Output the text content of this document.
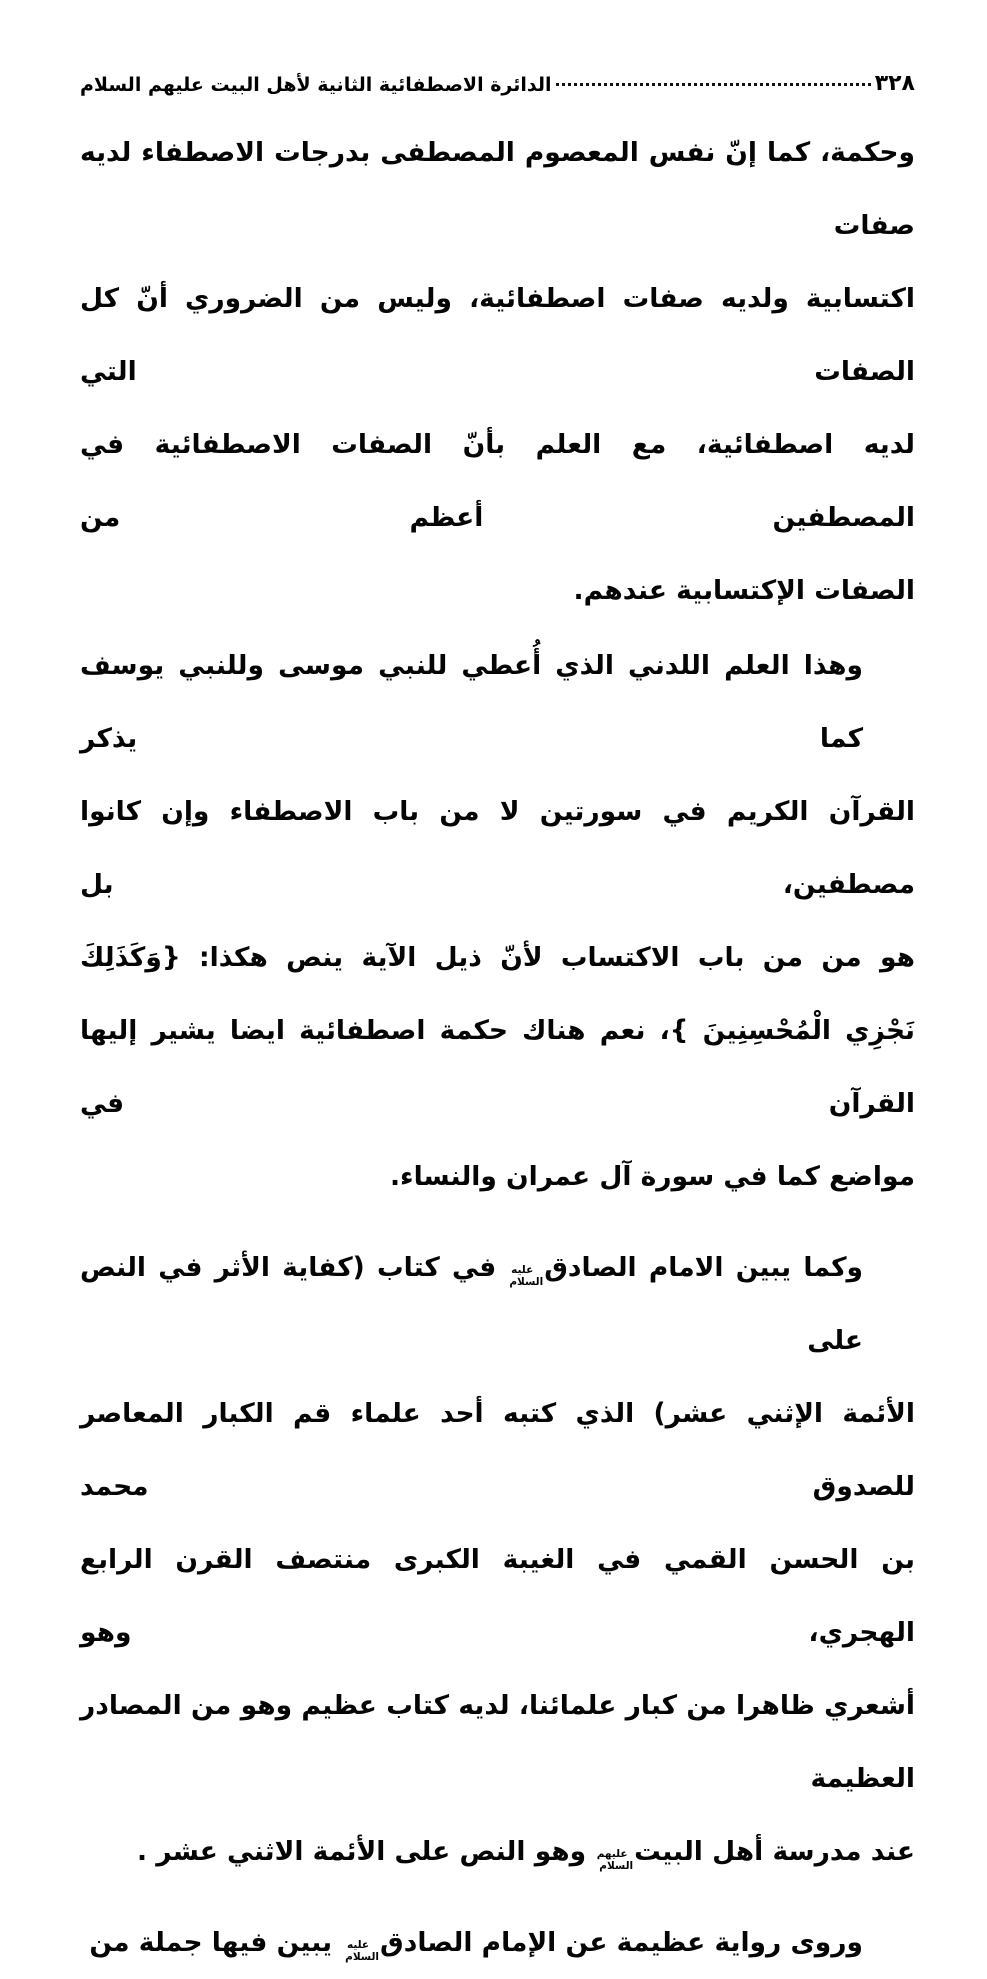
٣٢٨
الدائرة الاصطفائية الثانية لأهل البيت عليهم السلام
وحكمة، كما إنّ نفس المعصوم المصطفى بدرجات الاصطفاء لديه صفات
اكتسابية ولديه صفات اصطفائية، وليس من الضروري أنّ كل الصفات التي
لديه اصطفائية، مع العلم بأنّ الصفات الاصطفائية في المصطفين أعظم من
الصفات الإكتسابية عندهم.
وهذا العلم اللدني الذي أُعطي للنبي موسى وللنبي يوسف كما يذكر
القرآن الكريم في سورتين لا من باب الاصطفاء وإن كانوا مصطفين، بل
هو من من باب الاكتساب لأنّ ذيل الآية ينص هكذا: {وَكَذَلِكَ
نَجْزِي الْمُحْسِنِينَ }، نعم هناك حكمة اصطفائية ايضا يشير إليها القرآن في
مواضع كما في سورة آل عمران والنساء.
وكما يبين الامام الصادقعليه السلامفي كتاب (كفاية الأثر في النص على
الأئمة الإثني عشر) الذي كتبه أحد علماء قم الكبار المعاصر للصدوق محمد
بن الحسن القمي في الغيبة الكبرى منتصف القرن الرابع الهجري، وهو
أشعري ظاهرا من كبار علمائنا، لديه كتاب عظيم وهو من المصادر العظيمة
عند مدرسة أهل البيتعليهم السلاموهو النص على الأئمة الاثني عشر .
وروى رواية عظيمة عن الإمام الصادقعليه السلاميبين فيها جملة من
